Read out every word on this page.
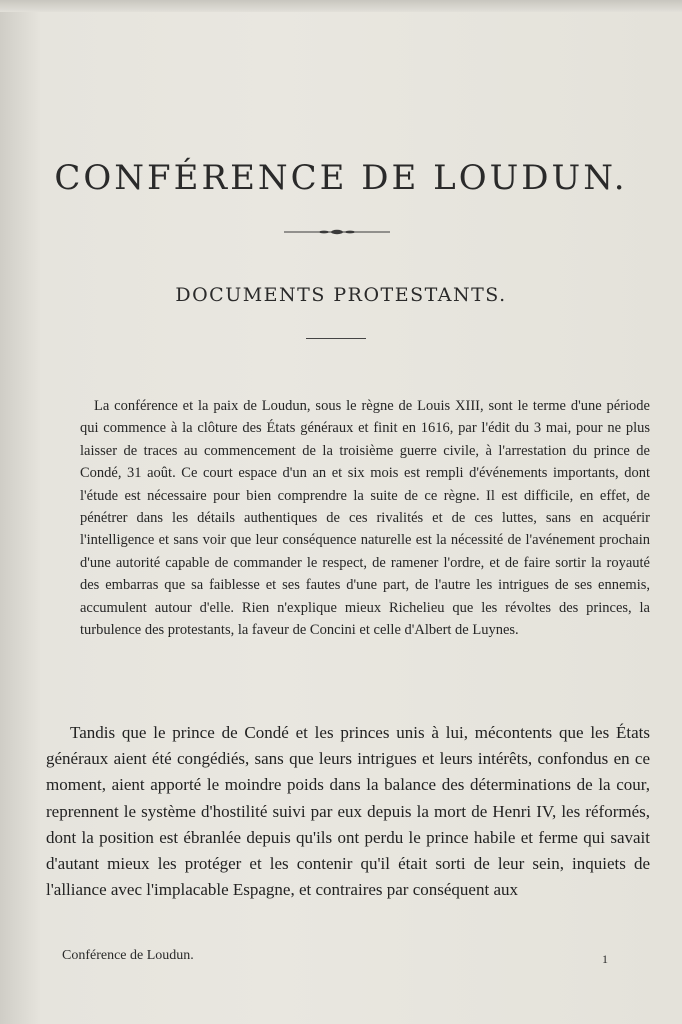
CONFÉRENCE DE LOUDUN.
DOCUMENTS PROTESTANTS.

La conférence et la paix de Loudun, sous le règne de Louis XIII, sont le terme d'une période qui commence à la clôture des États généraux et finit en 1616, par l'édit du 3 mai, pour ne plus laisser de traces au commencement de la troisième guerre civile, à l'arrestation du prince de Condé, 31 août. Ce court espace d'un an et six mois est rempli d'événements importants, dont l'étude est nécessaire pour bien comprendre la suite de ce règne. Il est difficile, en effet, de pénétrer dans les détails authentiques de ces rivalités et de ces luttes, sans en acquérir l'intelligence et sans voir que leur conséquence naturelle est la nécessité de l'avénement prochain d'une autorité capable de commander le respect, de ramener l'ordre, et de faire sortir la royauté des embarras que sa faiblesse et ses fautes d'une part, de l'autre les intrigues de ses ennemis, accumulent autour d'elle. Rien n'explique mieux Richelieu que les révoltes des princes, la turbulence des protestants, la faveur de Concini et celle d'Albert de Luynes.

Tandis que le prince de Condé et les princes unis à lui, mécontents que les États généraux aient été congédiés, sans que leurs intrigues et leurs intérêts, confondus en ce moment, aient apporté le moindre poids dans la balance des déterminations de la cour, reprennent le système d'hostilité suivi par eux depuis la mort de Henri IV, les réformés, dont la position est ébranlée depuis qu'ils ont perdu le prince habile et ferme qui savait d'autant mieux les protéger et les contenir qu'il était sorti de leur sein, inquiets de l'alliance avec l'implacable Espagne, et contraires par conséquent aux

Conférence de Loudun.	1
